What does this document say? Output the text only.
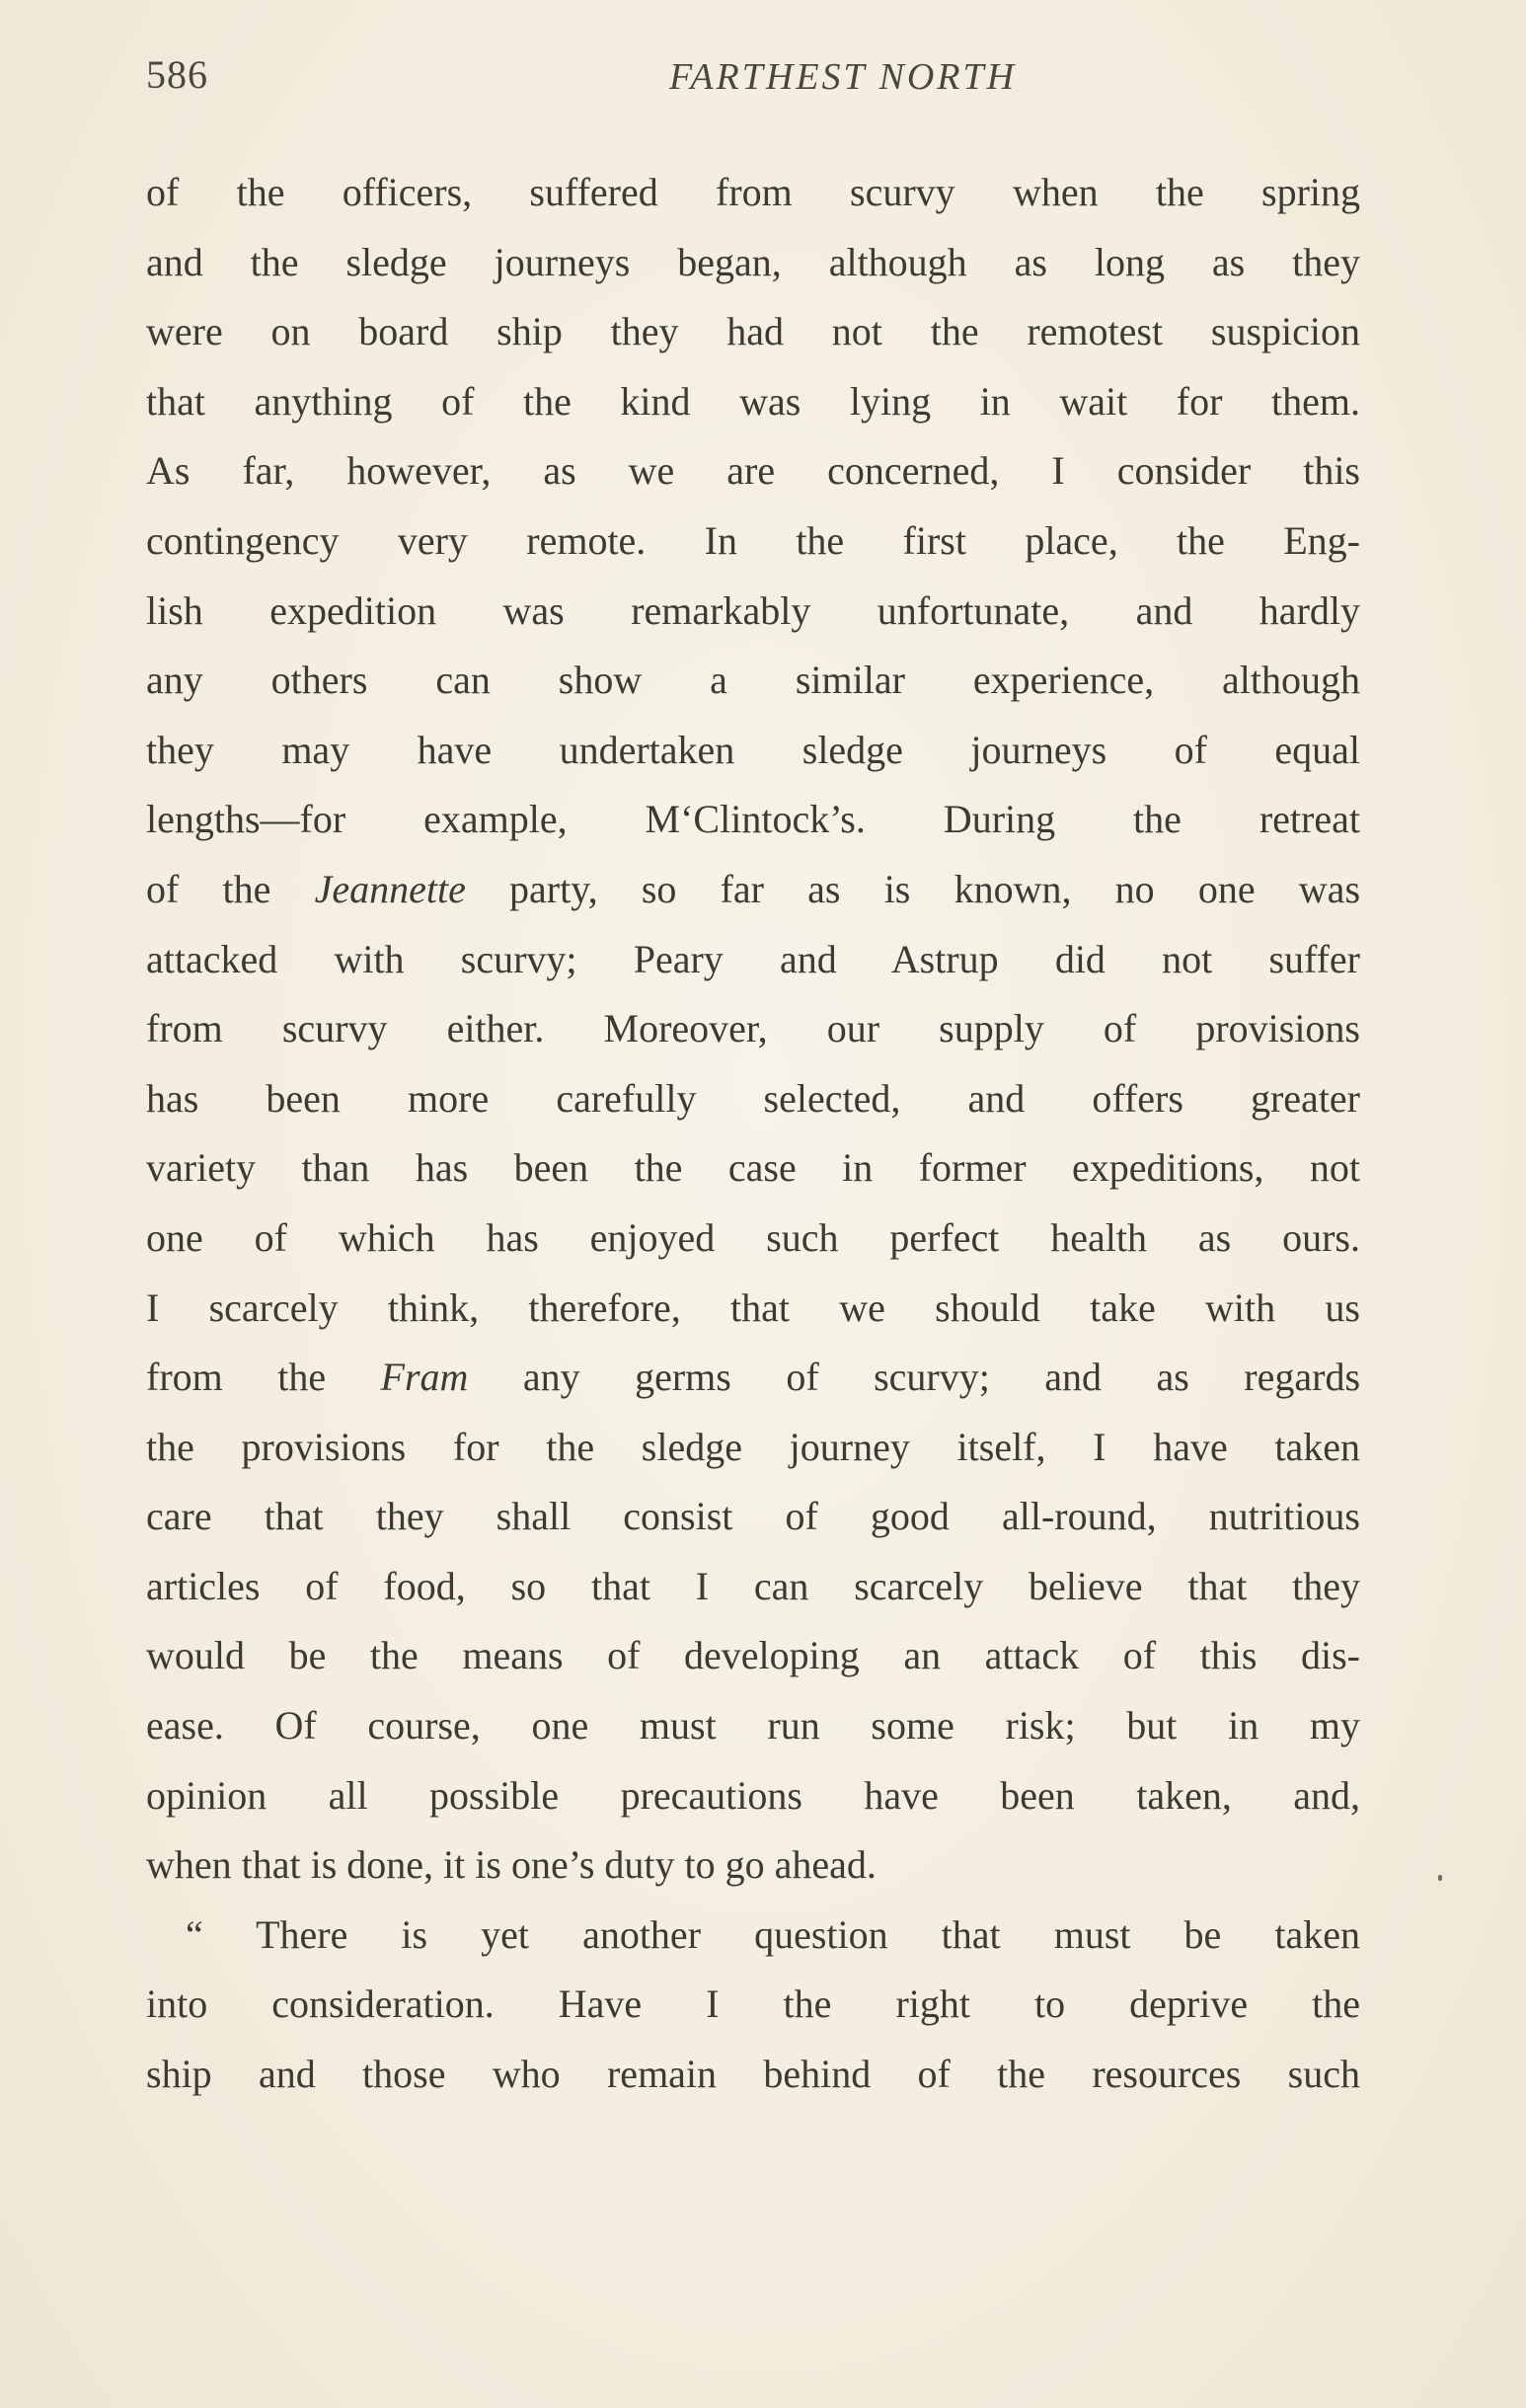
586	FARTHEST NORTH
of the officers, suffered from scurvy when the spring
and the sledge journeys began, although as long as they
were on board ship they had not the remotest suspicion
that anything of the kind was lying in wait for them.
As far, however, as we are concerned, I consider this
contingency very remote. In the first place, the Eng-
lish expedition was remarkably unfortunate, and hardly
any others can show a similar experience, although
they may have undertaken sledge journeys of equal
lengths—for example, M‘Clintock’s. During the retreat
of the Jeannette party, so far as is known, no one was
attacked with scurvy; Peary and Astrup did not suffer
from scurvy either. Moreover, our supply of provisions
has been more carefully selected, and offers greater
variety than has been the case in former expeditions, not
one of which has enjoyed such perfect health as ours.
I scarcely think, therefore, that we should take with us
from the Fram any germs of scurvy; and as regards
the provisions for the sledge journey itself, I have taken
care that they shall consist of good all-round, nutritious
articles of food, so that I can scarcely believe that they
would be the means of developing an attack of this dis-
ease. Of course, one must run some risk; but in my
opinion all possible precautions have been taken, and,
when that is done, it is one’s duty to go ahead.
“ There is yet another question that must be taken
into consideration. Have I the right to deprive the
ship and those who remain behind of the resources such
